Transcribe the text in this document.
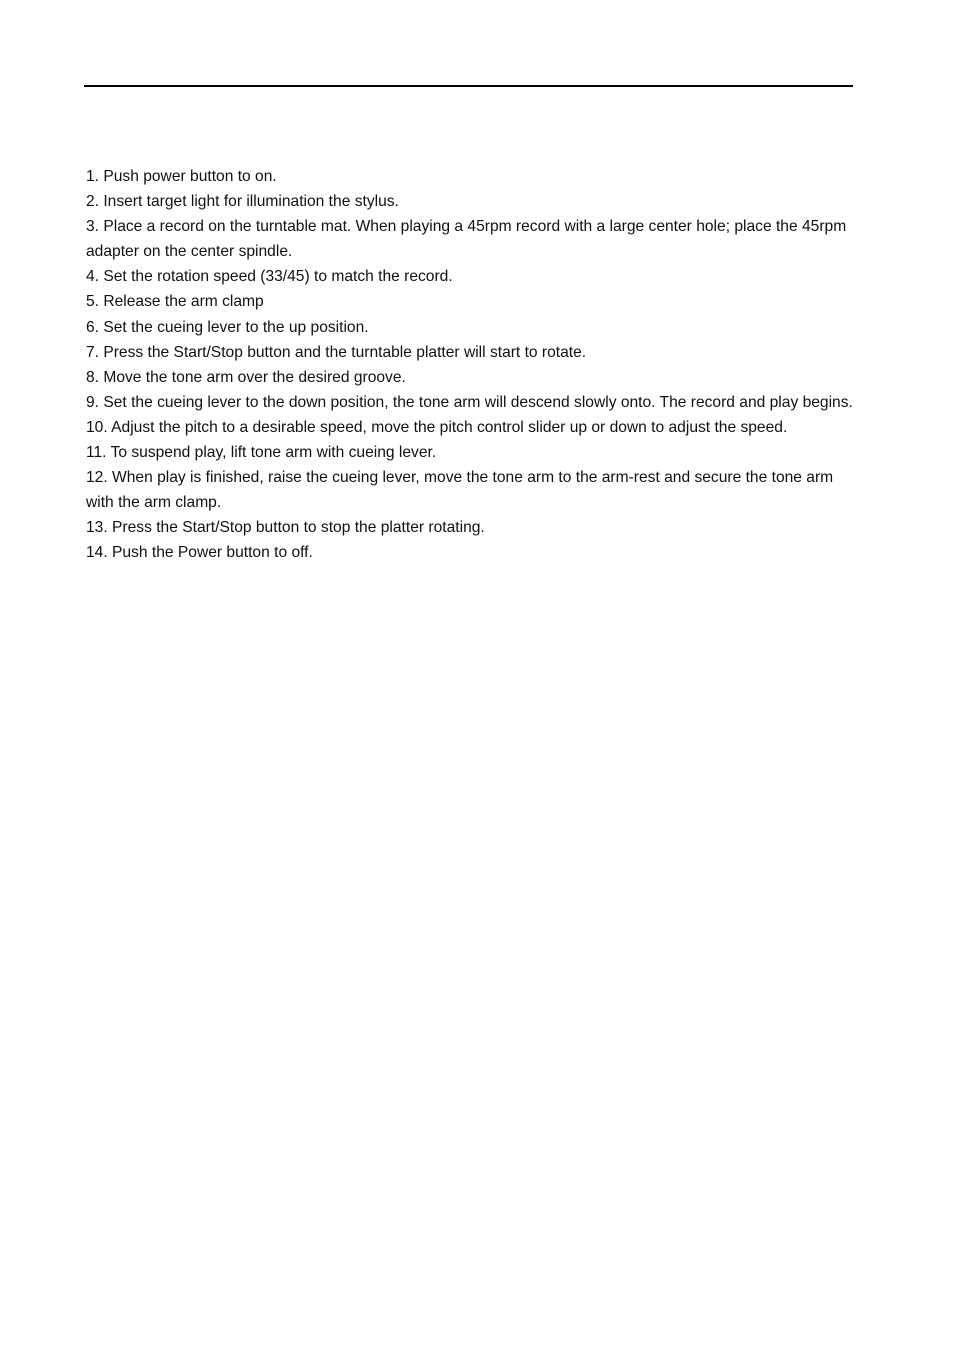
1. Push power button to on.
2. Insert target light for illumination the stylus.
3. Place a record on the turntable mat. When playing a 45rpm record with a large center hole; place the 45rpm adapter on the center spindle.
4. Set the rotation speed (33/45) to match the record.
5. Release the arm clamp
6. Set the cueing lever to the up position.
7. Press the Start/Stop button and the turntable platter will start to rotate.
8. Move the tone arm over the desired groove.
9. Set the cueing lever to the down position, the tone arm will descend slowly onto. The record and play begins.
10. Adjust the pitch to a desirable speed, move the pitch control slider up or down to adjust the speed.
11. To suspend play, lift tone arm with cueing lever.
12. When play is finished, raise the cueing lever, move the tone arm to the arm-rest and secure the tone arm with the arm clamp.
13. Press the Start/Stop button to stop the platter rotating.
14. Push the Power button to off.
